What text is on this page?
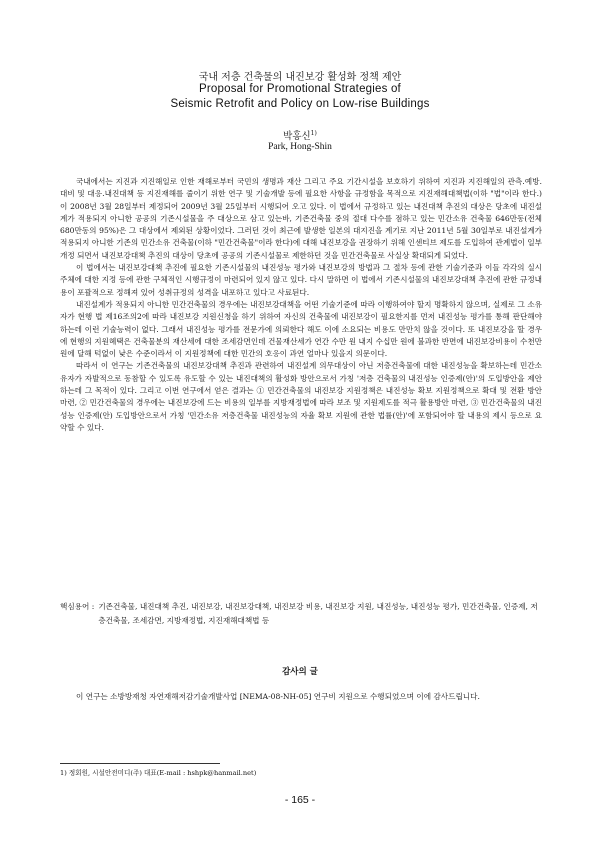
국내 저층 건축물의 내진보강 활성화 정책 제안
Proposal for Promotional Strategies of
Seismic Retrofit and Policy on Low-rise Buildings
박홍신$^{1)}$
Park, Hong-Shin

국내에서는 지진과 지진해일로 인한 재해로부터 국민의 생명과 재산 그리고 주요 기간시설을 보호하기 위하여 지진과 지진해일의 관측․예방․대비 및 대응․내진대책 등 지진재해를 줄이기 위한 연구 및 기술개발 등에 필요한 사항을 규정함을 목적으로 지진재해대책법(이하 "법"이라 한다.)이 2008년 3월 28일부터 제정되어 2009년 3월 25일부터 시행되어 오고 있다. 이 법에서 규정하고 있는 내진대책 추진의 대상은 당초에 내진설계가 적용되지 아니한 공공의 기존시설물을 주 대상으로 삼고 있는바, 기존건축물 중의 절대 다수를 점하고 있는 민간소유 건축물 646만동(전체 680만동의 95%)은 그 대상에서 제외된 상황이었다. 그러던 것이 최근에 발생한 일본의 대지진을 계기로 지난 2011년 5월 30일부로 내진설계가 적용되지 아니한 기존의 민간소유 건축물(이하 "민간건축물"이라 한다)에 대해 내진보강을 권장하기 위해 인센티브 제도를 도입하여 관계법이 일부개정 되면서 내진보강대책 추진의 대상이 당초에 공공의 기존시설물로 제한하던 것을 민간건축물로 사실상 확대되게 되었다.

이 법에서는 내진보강대책 추진에 필요한 기존시설물의 내진성능 평가와 내진보강의 방법과 그 절차 등에 관한 기술기준과 이들 각각의 실시주체에 대한 지정 등에 관한 구체적인 시행규정이 마련되어 있지 않고 있다. 다시 말하면 이 법에서 기존시설물의 내진보강대책 추진에 관한 규정내용이 포괄적으로 정해져 있어 성취규정의 성격을 내포하고 있다고 사료된다.

내진설계가 적용되지 아니한 민간건축물의 경우에는 내진보강대책을 어떤 기술기준에 따라 이행하여야 할지 명확하지 않으며, 실제로 그 소유자가 현행 법 제16조의2에 따라 내진보강 지원신청을 하기 위하여 자신의 건축물에 내진보강이 필요한지를 먼저 내진성능 평가를 통해 판단해야 하는데 이런 기술능력이 없다. 그래서 내진성능 평가를 전문가에 의뢰한다 해도 이에 소요되는 비용도 만만치 않을 것이다. 또 내진보강을 할 경우에 현행의 지원혜택은 건축물분의 재산세에 대한 조세감면인데 건물재산세가 연간 수만 원 내지 수십만 원에 불과한 반면에 내진보강비용이 수천만 원에 달해 턱없이 낮은 수준이라서 이 지원정책에 대한 민간의 호응이 과연 얼마나 있을지 의문이다.

따라서 이 연구는 기존건축물의 내진보강대책 추진과 관련하여 내진설계 의무대상이 아닌 저층건축물에 대한 내진성능을 확보하는데 민간소유자가 자발적으로 동참할 수 있도록 유도할 수 있는 내진대책의 활성화 방안으로서 가칭 '저층 건축물의 내진성능 인증제(안)'의 도입방안을 제안하는데 그 목적이 있다. 그리고 이번 연구에서 얻은 결과는 ① 민간건축물의 내진보강 지원정책은 내진성능 확보 지원정책으로 확대 및 전환 방안 마련, ② 민간건축물의 경우에는 내진보강에 드는 비용의 일부를 지방재정법에 따라 보조 및 지원제도를 적극 활용방안 마련, ③ 민간건축물의 내진성능 인증제(안) 도입방안으로서 가칭 '민간소유 저층건축물 내진성능의 자율 확보 지원에 관한 법률(안)'에 포함되어야 할 내용의 제시 등으로 요약할 수 있다.

핵심용어 : 기존건축물, 내진대책 추진, 내진보강, 내진보강대책, 내진보강 비용, 내진보강 지원, 내진성능, 내진성능 평가, 민간건축물, 인증제, 저층건축물, 조세감면, 지방재정법, 지진재해대책법 등
감사의 글
이 연구는 소방방재청 자연재해저감기술개발사업 [NEMA-08-NH-05] 연구비 지원으로 수행되었으며 이에 감사드립니다.
1) 정회원, 시설안전미디(주) 대표(E-mail : hshpk@hanmail.net)
- 165 -
